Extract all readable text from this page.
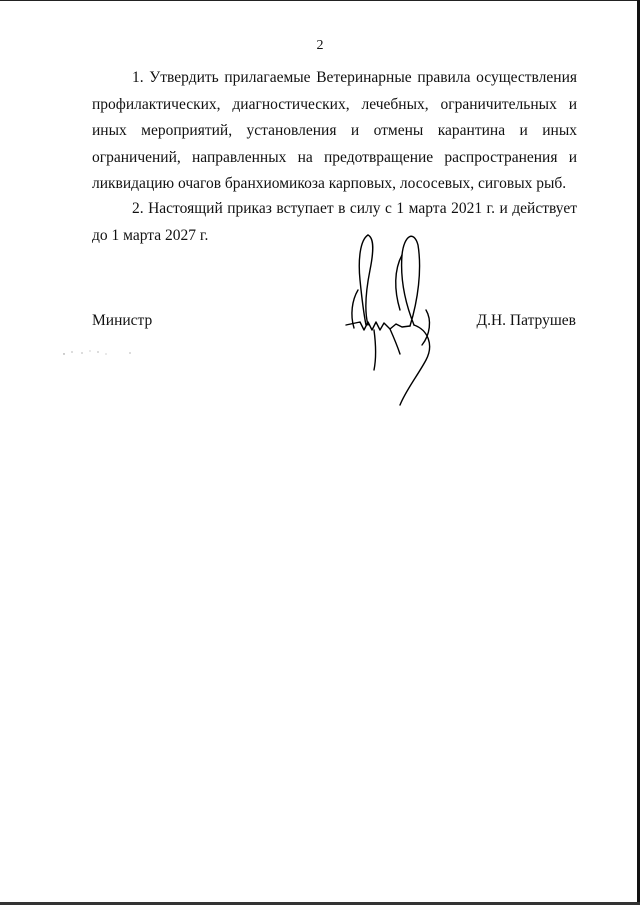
2

1. Утвердить прилагаемые Ветеринарные правила осуществления профилактических, диагностических, лечебных, ограничительных и иных мероприятий, установления и отмены карантина и иных ограничений, направленных на предотвращение распространения и ликвидацию очагов бранхиомикоза карповых, лососевых, сиговых рыб.

2. Настоящий приказ вступает в силу с 1 марта 2021 г. и действует до 1 марта 2027 г.

Министр	Д.Н. Патрушев
